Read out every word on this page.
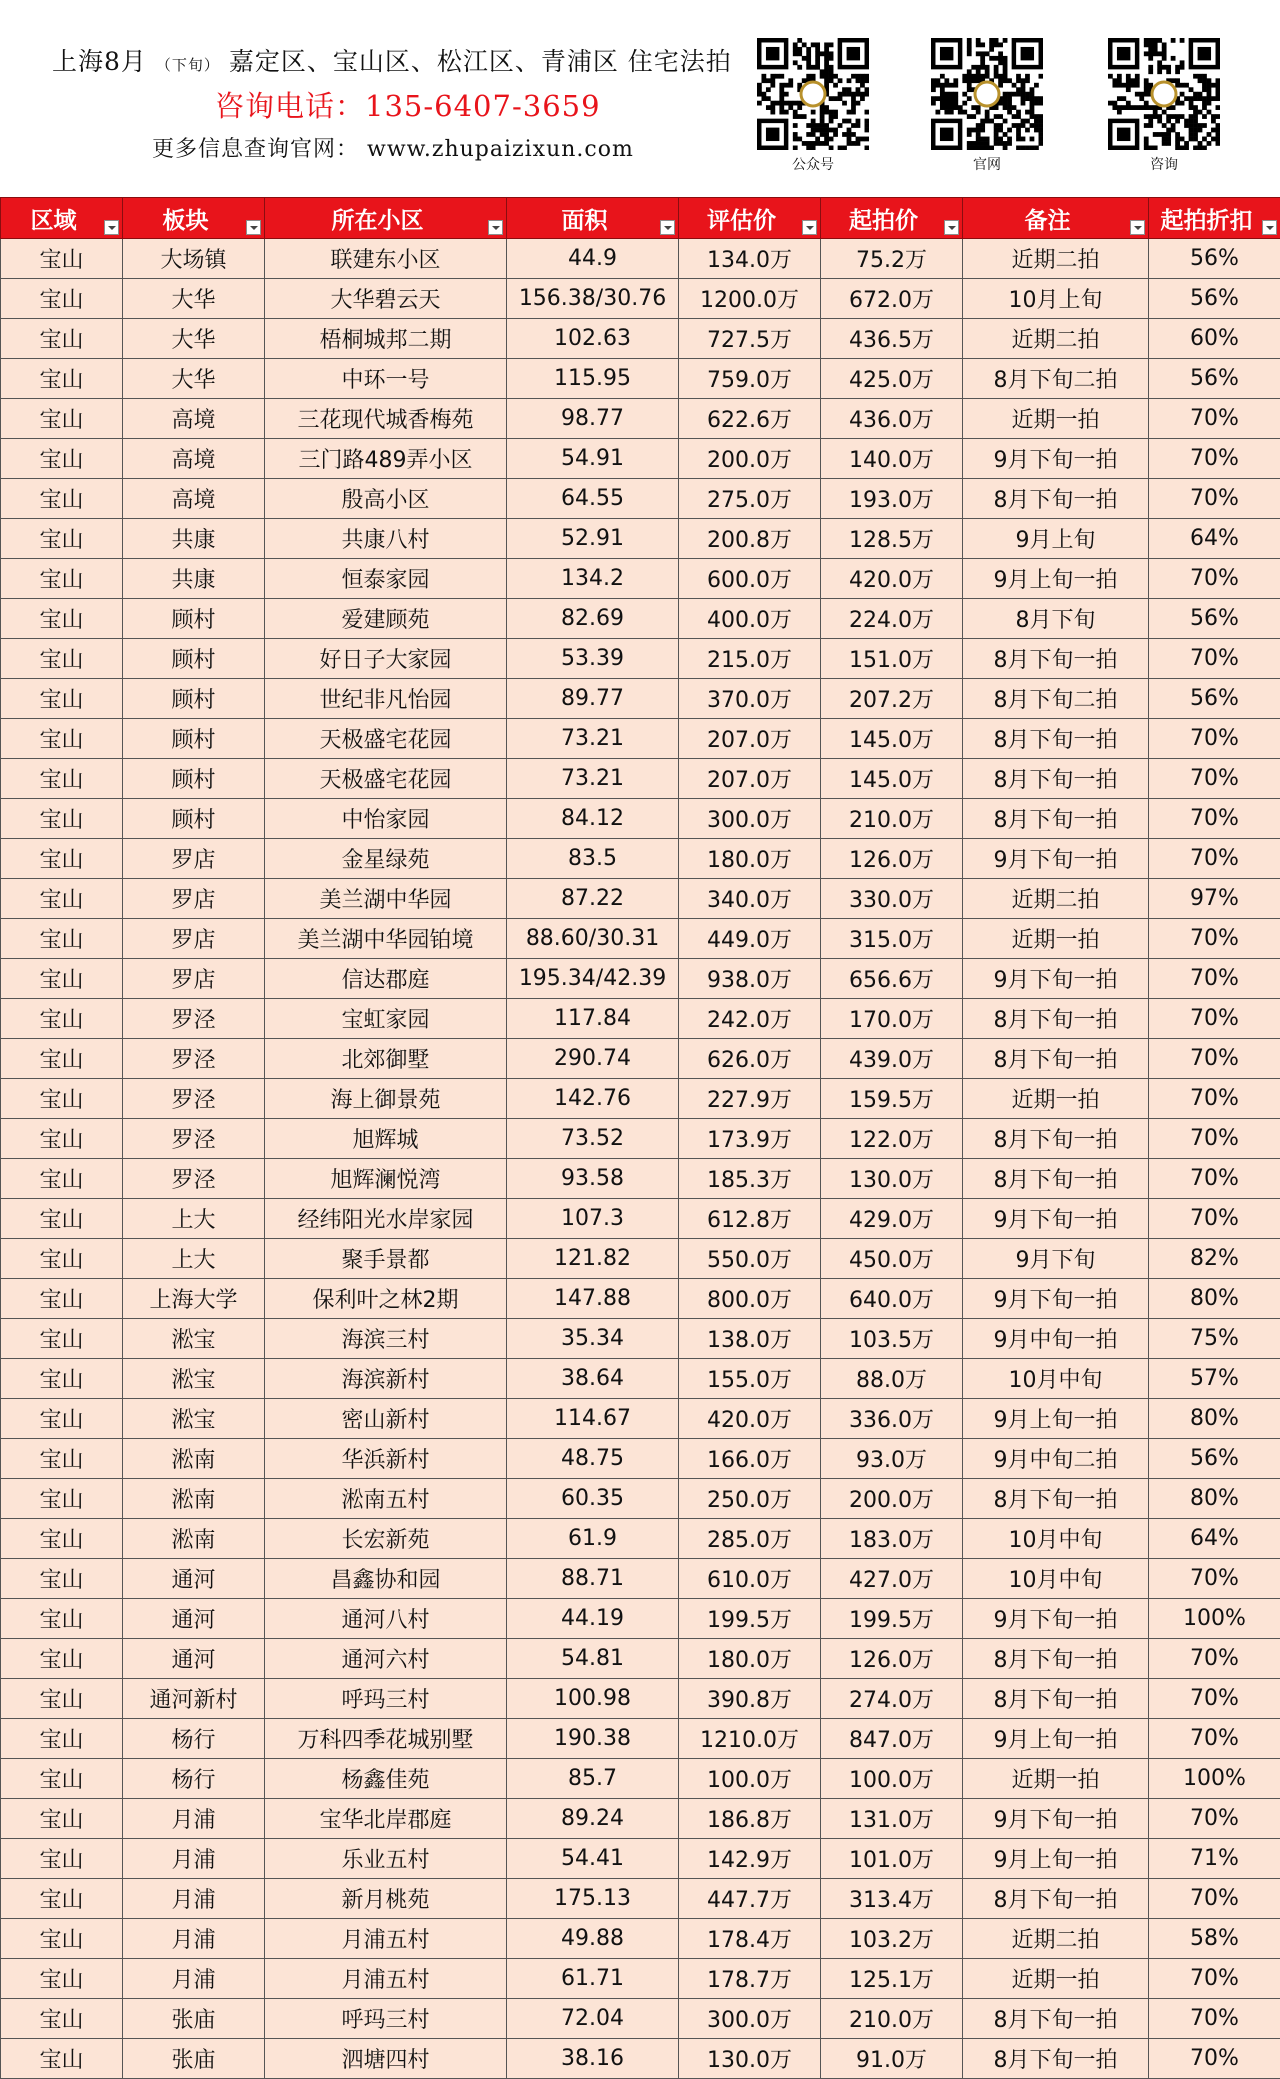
上海8月 （下旬） 嘉定区、宝山区、松江区、青浦区 住宅法拍
咨询电话：135-6407-3659
更多信息查询官网： www.zhupaizixun.com
公众号	官网	咨询
区域	板块	所在小区	面积	评估价	起拍价	备注	起拍折扣

宝山	大场镇	联建东小区	44.9	134.0万	75.2万	近期二拍	56%
宝山	大华	大华碧云天	156.38/30.76	1200.0万	672.0万	10月上旬	56%
宝山	大华	梧桐城邦二期	102.63	727.5万	436.5万	近期二拍	60%
宝山	大华	中环一号	115.95	759.0万	425.0万	8月下旬二拍	56%
宝山	高境	三花现代城香梅苑	98.77	622.6万	436.0万	近期一拍	70%
宝山	高境	三门路489弄小区	54.91	200.0万	140.0万	9月下旬一拍	70%
宝山	高境	殷高小区	64.55	275.0万	193.0万	8月下旬一拍	70%
宝山	共康	共康八村	52.91	200.8万	128.5万	9月上旬	64%
宝山	共康	恒泰家园	134.2	600.0万	420.0万	9月上旬一拍	70%
宝山	顾村	爱建顾苑	82.69	400.0万	224.0万	8月下旬	56%
宝山	顾村	好日子大家园	53.39	215.0万	151.0万	8月下旬一拍	70%
宝山	顾村	世纪非凡怡园	89.77	370.0万	207.2万	8月下旬二拍	56%
宝山	顾村	天极盛宅花园	73.21	207.0万	145.0万	8月下旬一拍	70%
宝山	顾村	天极盛宅花园	73.21	207.0万	145.0万	8月下旬一拍	70%
宝山	顾村	中怡家园	84.12	300.0万	210.0万	8月下旬一拍	70%
宝山	罗店	金星绿苑	83.5	180.0万	126.0万	9月下旬一拍	70%
宝山	罗店	美兰湖中华园	87.22	340.0万	330.0万	近期二拍	97%
宝山	罗店	美兰湖中华园铂境	88.60/30.31	449.0万	315.0万	近期一拍	70%
宝山	罗店	信达郡庭	195.34/42.39	938.0万	656.6万	9月下旬一拍	70%
宝山	罗泾	宝虹家园	117.84	242.0万	170.0万	8月下旬一拍	70%
宝山	罗泾	北郊御墅	290.74	626.0万	439.0万	8月下旬一拍	70%
宝山	罗泾	海上御景苑	142.76	227.9万	159.5万	近期一拍	70%
宝山	罗泾	旭辉城	73.52	173.9万	122.0万	8月下旬一拍	70%
宝山	罗泾	旭辉澜悦湾	93.58	185.3万	130.0万	8月下旬一拍	70%
宝山	上大	经纬阳光水岸家园	107.3	612.8万	429.0万	9月下旬一拍	70%
宝山	上大	聚手景都	121.82	550.0万	450.0万	9月下旬	82%
宝山	上海大学	保利叶之林2期	147.88	800.0万	640.0万	9月下旬一拍	80%
宝山	淞宝	海滨三村	35.34	138.0万	103.5万	9月中旬一拍	75%
宝山	淞宝	海滨新村	38.64	155.0万	88.0万	10月中旬	57%
宝山	淞宝	密山新村	114.67	420.0万	336.0万	9月上旬一拍	80%
宝山	淞南	华浜新村	48.75	166.0万	93.0万	9月中旬二拍	56%
宝山	淞南	淞南五村	60.35	250.0万	200.0万	8月下旬一拍	80%
宝山	淞南	长宏新苑	61.9	285.0万	183.0万	10月中旬	64%
宝山	通河	昌鑫协和园	88.71	610.0万	427.0万	10月中旬	70%
宝山	通河	通河八村	44.19	199.5万	199.5万	9月下旬一拍	100%
宝山	通河	通河六村	54.81	180.0万	126.0万	8月下旬一拍	70%
宝山	通河新村	呼玛三村	100.98	390.8万	274.0万	8月下旬一拍	70%
宝山	杨行	万科四季花城别墅	190.38	1210.0万	847.0万	9月上旬一拍	70%
宝山	杨行	杨鑫佳苑	85.7	100.0万	100.0万	近期一拍	100%
宝山	月浦	宝华北岸郡庭	89.24	186.8万	131.0万	9月下旬一拍	70%
宝山	月浦	乐业五村	54.41	142.9万	101.0万	9月上旬一拍	71%
宝山	月浦	新月桃苑	175.13	447.7万	313.4万	8月下旬一拍	70%
宝山	月浦	月浦五村	49.88	178.4万	103.2万	近期二拍	58%
宝山	月浦	月浦五村	61.71	178.7万	125.1万	近期一拍	70%
宝山	张庙	呼玛三村	72.04	300.0万	210.0万	8月下旬一拍	70%
宝山	张庙	泗塘四村	38.16	130.0万	91.0万	8月下旬一拍	70%
